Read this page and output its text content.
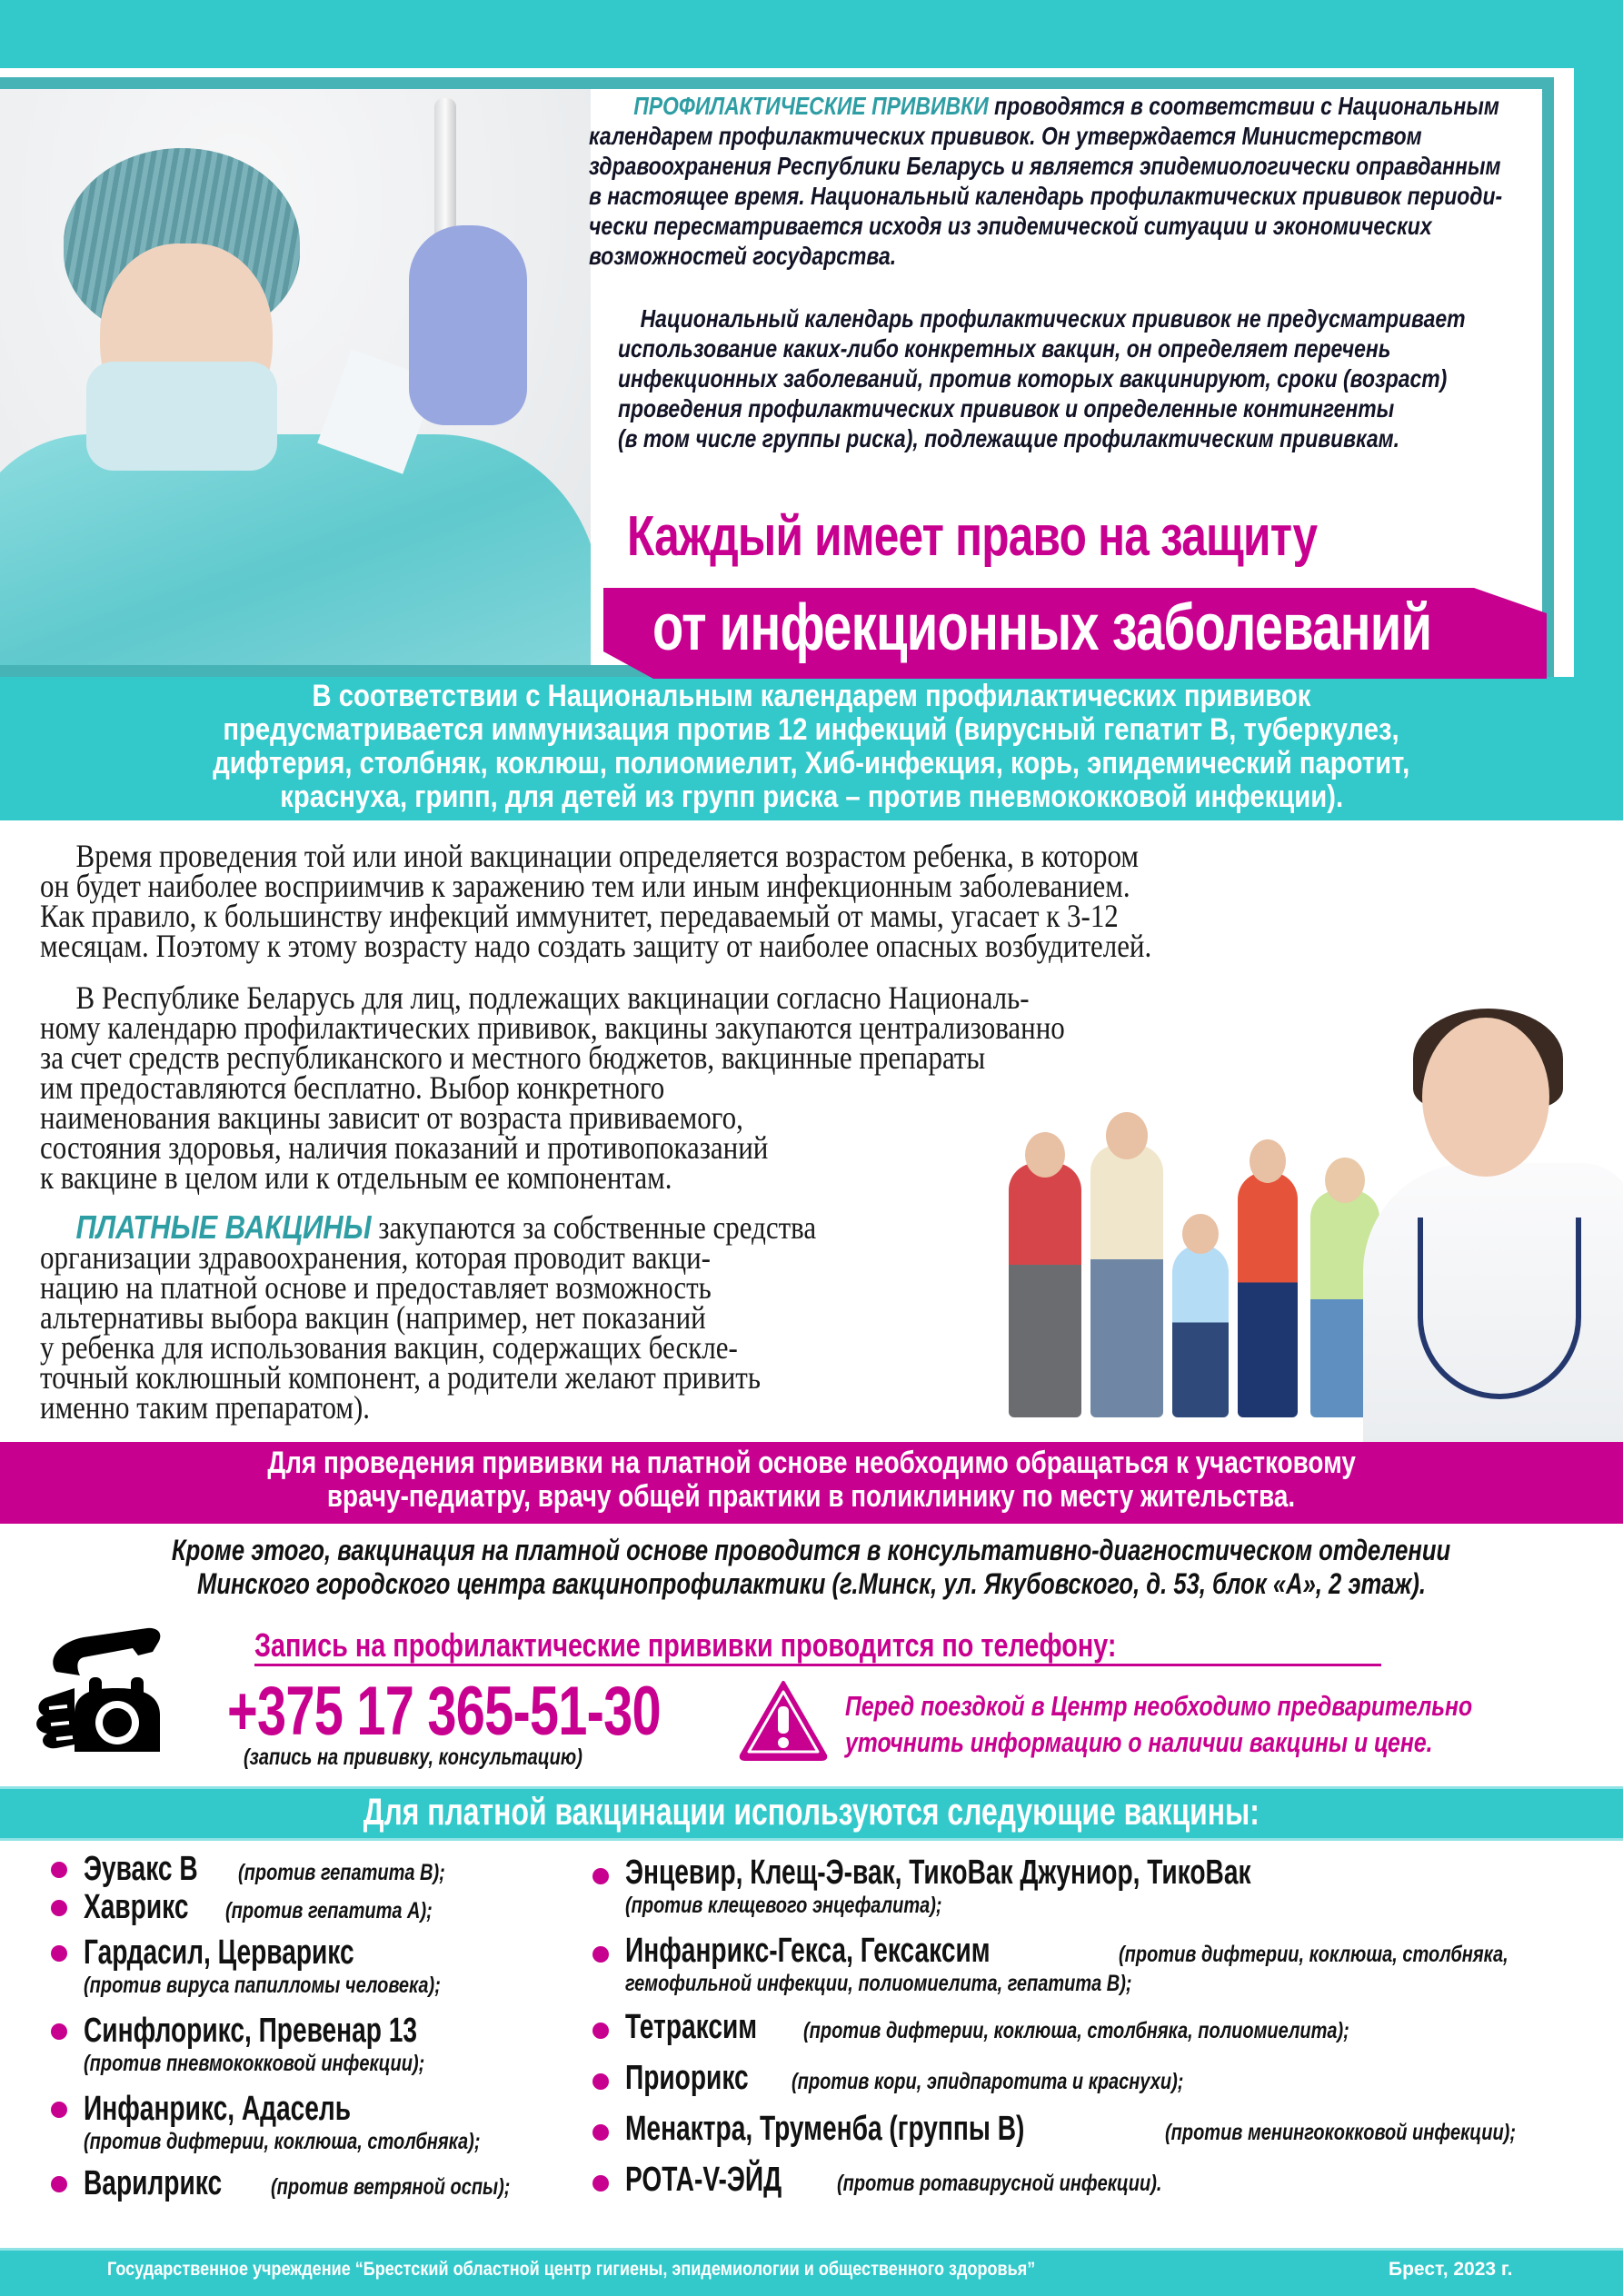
ПРОФИЛАКТИЧЕСКИЕ ПРИВИВКИ проводятся в соответствии с Национальным
календарем профилактических прививок. Он утверждается Министерством
здравоохранения Республики Беларусь и является эпидемиологически оправданным
в настоящее время. Национальный календарь профилактических прививок периоди-
чески пересматривается исходя из эпидемической ситуации и экономических
возможностей государства.
Национальный календарь профилактических прививок не предусматривает
использование каких-либо конкретных вакцин, он определяет перечень
инфекционных заболеваний, против которых вакцинируют, сроки (возраст)
проведения профилактических прививок и определенные контингенты
(в том числе группы риска), подлежащие профилактическим прививкам.
Каждый имеет право на защиту
от инфекционных заболеваний
В соответствии с Национальным календарем профилактических прививок
предусматривается иммунизация против 12 инфекций (вирусный гепатит В, туберкулез,
дифтерия, столбняк, коклюш, полиомиелит, Хиб-инфекция, корь, эпидемический паротит,
краснуха, грипп, для детей из групп риска – против пневмококковой инфекции).
Время проведения той или иной вакцинации определяется возрастом ребенка, в котором
он будет наиболее восприимчив к заражению тем или иным инфекционным заболеванием.
Как правило, к большинству инфекций иммунитет, передаваемый от мамы, угасает к 3-12
месяцам. Поэтому к этому возрасту надо создать защиту от наиболее опасных возбудителей.
В Республике Беларусь для лиц, подлежащих вакцинации согласно Националь-
ному календарю профилактических прививок, вакцины закупаются централизованно
за счет средств республиканского и местного бюджетов, вакцинные препараты
им предоставляются бесплатно. Выбор конкретного
наименования вакцины зависит от возраста прививаемого,
состояния здоровья, наличия показаний и противопоказаний
к вакцине в целом или к отдельным ее компонентам.
ПЛАТНЫЕ ВАКЦИНЫ закупаются за собственные средства
организации здравоохранения, которая проводит вакци-
нацию на платной основе и предоставляет возможность
альтернативы выбора вакцин (например, нет показаний
у ребенка для использования вакцин, содержащих бескле-
точный коклюшный компонент, а родители желают привить
именно таким препаратом).
Для проведения прививки на платной основе необходимо обращаться к участковому
врачу-педиатру, врачу общей практики в поликлинику по месту жительства.
Кроме этого, вакцинация на платной основе проводится в консультативно-диагностическом отделении
Минского городского центра вакцинопрофилактики (г.Минск, ул. Якубовского, д. 53, блок «А», 2 этаж).
Запись на профилактические прививки проводится по телефону:
+375 17 365-51-30
(запись на прививку, консультацию)
Перед поездкой в Центр необходимо предварительно
уточнить информацию о наличии вакцины и цене.
Для платной вакцинации используются следующие вакцины:
Эувакс В(против гепатита В);
Хаврикс(против гепатита А);
Гардасил, Церварикс
(против вируса папилломы человека);
Синфлорикс, Превенар 13
(против пневмококковой инфекции);
Инфанрикс, Адасель
(против дифтерии, коклюша, столбняка);
Варилрикс(против ветряной оспы);
Энцевир, Клещ-Э-вак, ТикоВак Джуниор, ТикоВак
(против клещевого энцефалита);
Инфанрикс-Гекса, Гексаксим	(против дифтерии, коклюша, столбняка,
гемофильной инфекции, полиомиелита, гепатита В);
Тетраксим(против дифтерии, коклюша, столбняка, полиомиелита);
Приорикс(против кори, эпидпаротита и краснухи);
Менактра, Труменба (группы В)	(против менингококковой инфекции);
РОТА-V-ЭЙД(против ротавирусной инфекции).
Государственное учреждение “Брестский областной центр гигиены, эпидемиологии и общественного здоровья”	Брест, 2023 г.
